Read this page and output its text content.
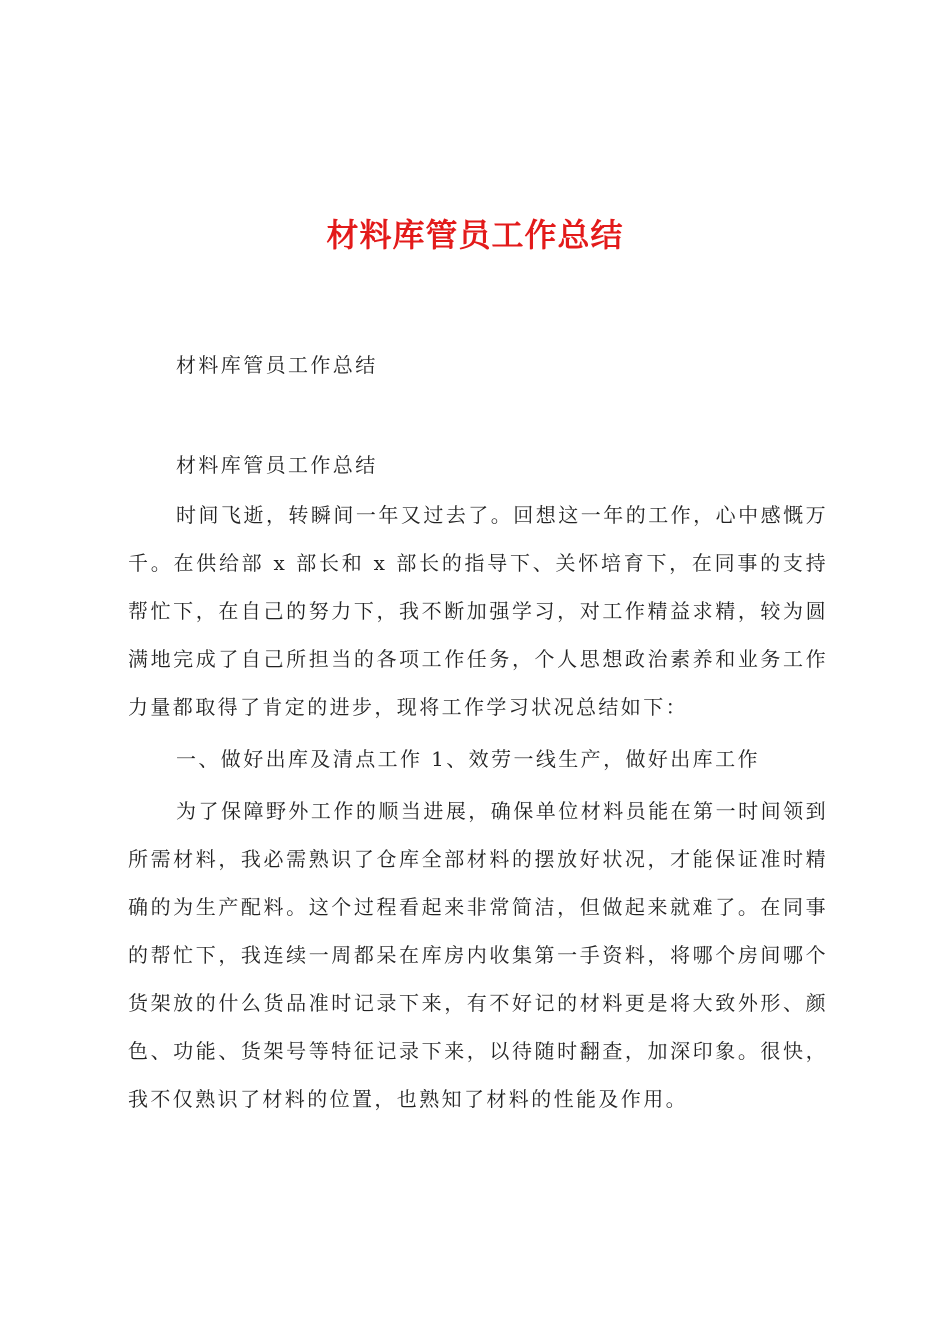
材料库管员工作总结
材料库管员工作总结
材料库管员工作总结

时间飞逝，转瞬间一年又过去了。回想这一年的工作，心中感慨万千。在供给部 x 部长和 x 部长的指导下、关怀培育下，在同事的支持帮忙下，在自己的努力下，我不断加强学习，对工作精益求精，较为圆满地完成了自己所担当的各项工作任务，个人思想政治素养和业务工作力量都取得了肯定的进步，现将工作学习状况总结如下：

一、做好出库及清点工作 1、效劳一线生产，做好出库工作

为了保障野外工作的顺当进展，确保单位材料员能在第一时间领到所需材料，我必需熟识了仓库全部材料的摆放好状况，才能保证准时精确的为生产配料。这个过程看起来非常简洁，但做起来就难了。在同事的帮忙下，我连续一周都呆在库房内收集第一手资料，将哪个房间哪个货架放的什么货品准时记录下来，有不好记的材料更是将大致外形、颜色、功能、货架号等特征记录下来，以待随时翻查，加深印象。很快，我不仅熟识了材料的位置，也熟知了材料的性能及作用。
